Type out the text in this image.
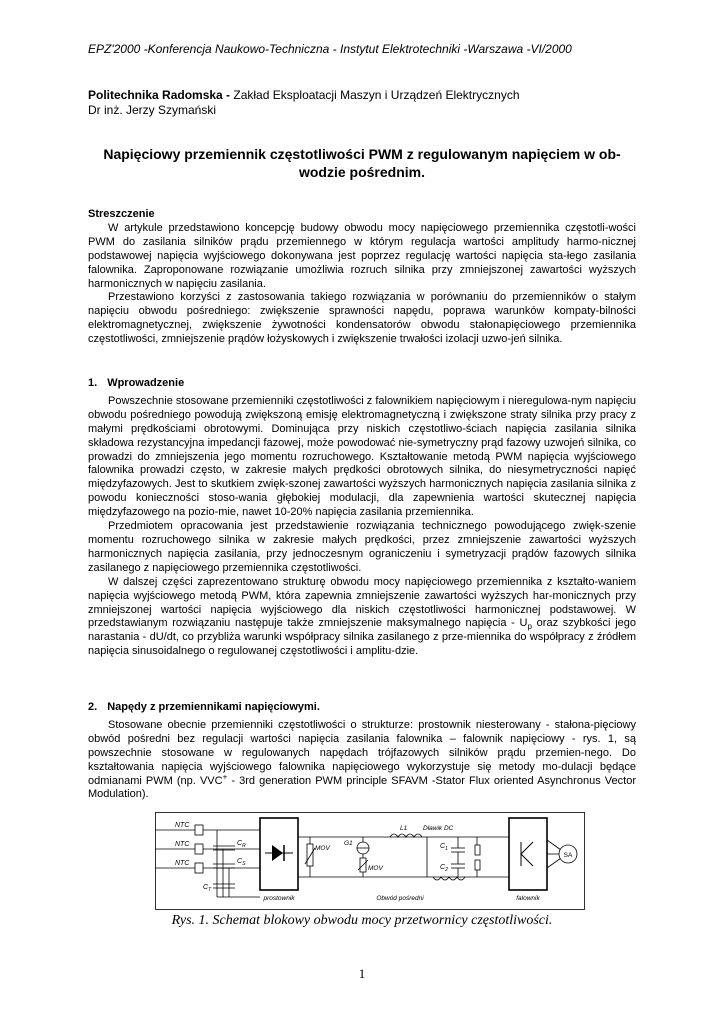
EPZ'2000 -Konferencja Naukowo-Techniczna - Instytut Elektrotechniki -Warszawa -VI/2000
Politechnika Radomska - Zakład Eksploatacji Maszyn i Urządzeń Elektrycznych
Dr inż. Jerzy Szymański
Napięciowy przemiennik częstotliwości PWM z regulowanym napięciem w ob-wodzie pośrednim.
Streszczenie

W artykule przedstawiono koncepcję budowy obwodu mocy napięciowego przemiennika częstotli-wości PWM do zasilania silników prądu przemiennego w którym regulacja wartości amplitudy harmo-nicznej podstawowej napięcia wyjściowego dokonywana jest poprzez regulację wartości napięcia sta-łego zasilania falownika. Zaproponowane rozwiązanie umożliwia rozruch silnika przy zmniejszonej zawartości wyższych harmonicznych w napięciu zasilania.

Przestawiono korzyści z zastosowania takiego rozwiązania w porównaniu do przemienników o stałym napięciu obwodu pośredniego: zwiększenie sprawności napędu, poprawa warunków kompaty-bilności elektromagnetycznej, zwiększenie żywotności kondensatorów obwodu stałonapięciowego przemiennika częstotliwości, zmniejszenie prądów łożyskowych i zwiększenie trwałości izolacji uzwo-jeń silnika.

1. Wprowadzenie

Powszechnie stosowane przemienniki częstotliwości z falownikiem napięciowym i nieregulowa-nym napięciu obwodu pośredniego powodują zwiększoną emisję elektromagnetyczną i zwiększone straty silnika przy pracy z małymi prędkościami obrotowymi. Dominująca przy niskich częstotliwo-ściach napięcia zasilania silnika składowa rezystancyjna impedancji fazowej, może powodować nie-symetryczny prąd fazowy uzwojeń silnika, co prowadzi do zmniejszenia jego momentu rozruchowego. Kształtowanie metodą PWM napięcia wyjściowego falownika prowadzi często, w zakresie małych prędkości obrotowych silnika, do niesymetryczności napięć międzyfazowych. Jest to skutkiem zwięk-szonej zawartości wyższych harmonicznych napięcia zasilania silnika z powodu konieczności stoso-wania głębokiej modulacji, dla zapewnienia wartości skutecznej napięcia międzyfazowego na pozio-mie, nawet 10-20% napięcia zasilania przemiennika.

Przedmiotem opracowania jest przedstawienie rozwiązania technicznego powodującego zwięk-szenie momentu rozruchowego silnika w zakresie małych prędkości, przez zmniejszenie zawartości wyższych harmonicznych napięcia zasilania, przy jednoczesnym ograniczeniu i symetryzacji prądów fazowych silnika zasilanego z napięciowego przemiennika częstotliwości.

W dalszej części zaprezentowano strukturę obwodu mocy napięciowego przemiennika z kształto-waniem napięcia wyjściowego metodą PWM, która zapewnia zmniejszenie zawartości wyższych har-monicznych przy zmniejszonej wartości napięcia wyjściowego dla niskich częstotliwości harmonicznej podstawowej. W przedstawianym rozwiązaniu następuje także zmniejszenie maksymalnego napięcia - $U_p$ oraz szybkości jego narastania - dU/dt, co przybliża warunki współpracy silnika zasilanego z prze-miennika do współpracy z źródłem napięcia sinusoidalnego o regulowanej częstotliwości i amplitu-dzie.

2. Napędy z przemiennikami napięciowymi.

Stosowane obecnie przemienniki częstotliwości o strukturze: prostownik niesterowany - stałona-pięciowy obwód pośredni bez regulacji wartości napięcia zasilania falownika – falownik napięciowy - rys. 1, są powszechnie stosowane w regulowanych napędach trójfazowych silników prądu przemien-nego. Do kształtowania napięcia wyjściowego falownika napięciowego wykorzystuje się metody mo-dulacji będące odmianami PWM (np. VVC+ - 3rd generation PWM principle SFAVM -Stator Flux oriented Asynchronus Vector Modulation).

NTC
NTC
NTC
$C_R$
$C_S$
$C_T$
prostownik
MOV
G1
MOV
L1 Dławik DC
$C_1$
$C_2$
Obwód pośredni	falownik
SA
Rys. 1. Schemat blokowy obwodu mocy przetwornicy częstotliwości.
1
